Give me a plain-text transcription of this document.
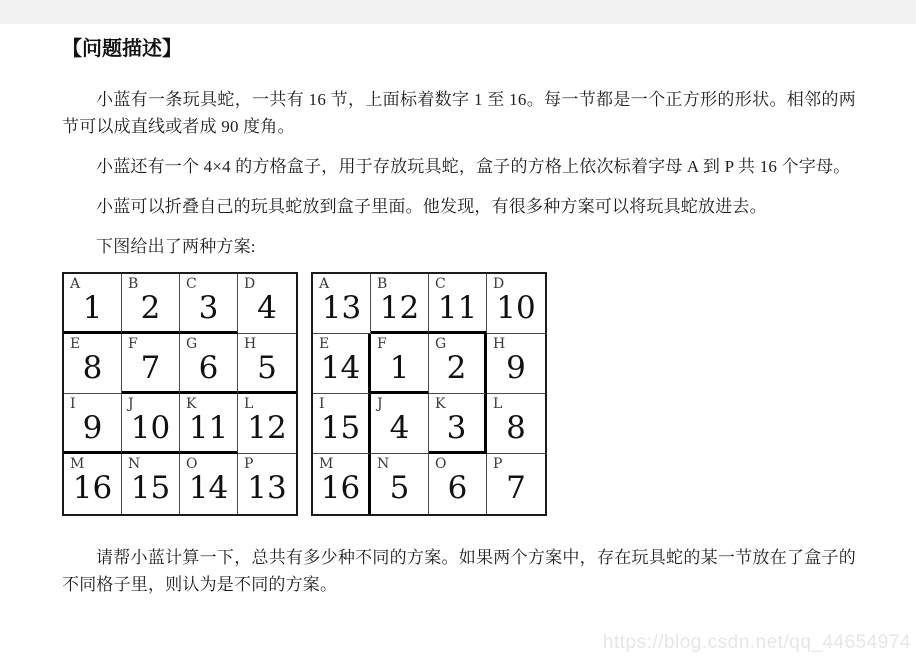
【问题描述】

小蓝有一条玩具蛇，一共有 16 节，上面标着数字 1 至 16。每一节都是一个正方形的形状。相邻的两节可以成直线或者成 90 度角。

小蓝还有一个 4×4 的方格盒子，用于存放玩具蛇，盒子的方格上依次标着字母 A 到 P 共 16 个字母。

小蓝可以折叠自己的玩具蛇放到盒子里面。他发现，有很多种方案可以将玩具蛇放进去。

下图给出了两种方案:

A
1
B
2
C
3
D
4
E
8
F
7
G
6
H
5
I
9
J
10
K
11
L
12
M
16
N
15
O
14
P
13
A
13
B
12
C
11
D
10
E
14
F
1
G
2
H
9
I
15
J
4
K
3
L
8
M
16
N
5
O
6
P
7

请帮小蓝计算一下，总共有多少种不同的方案。如果两个方案中，存在玩具蛇的某一节放在了盒子的不同格子里，则认为是不同的方案。

https://blog.csdn.net/qq_44654974
